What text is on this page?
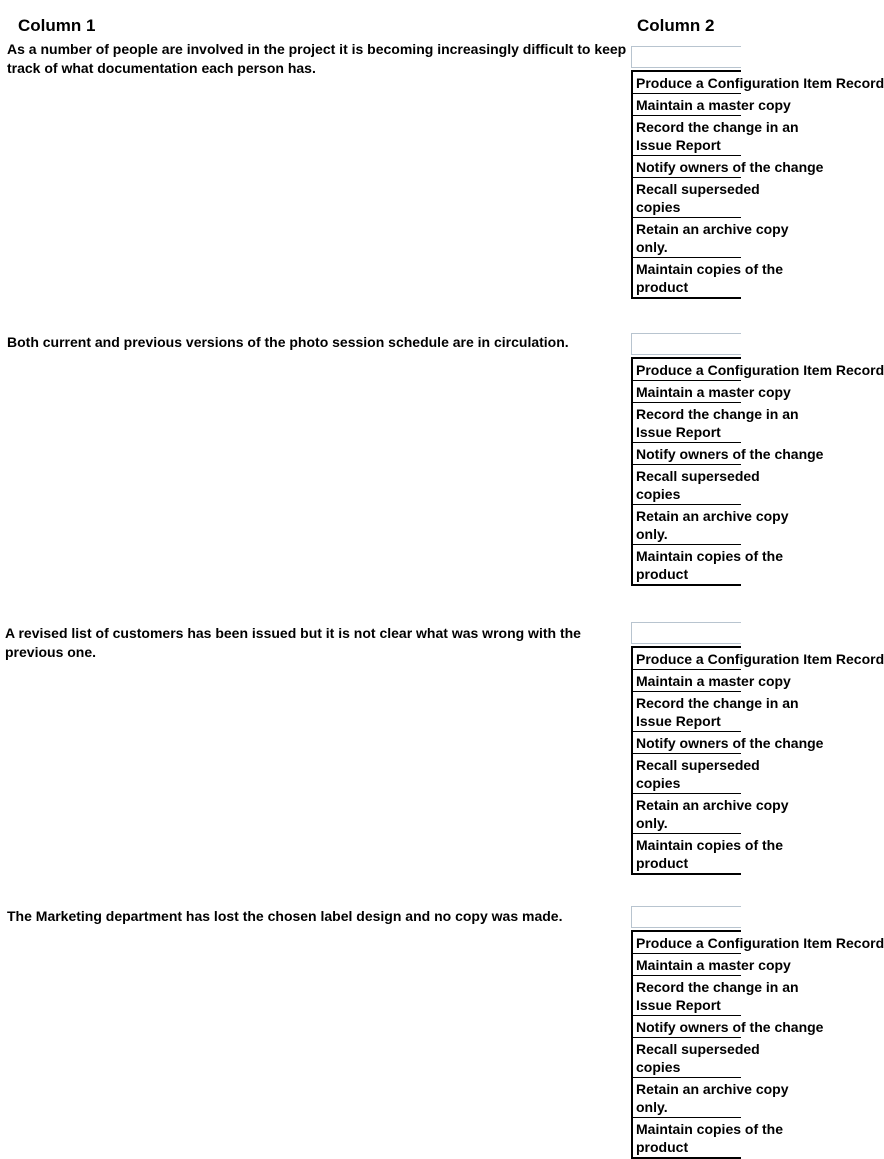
Column 1	Column 2
As a number of people are involved in the project it is becoming increasingly difficult to keep track of what documentation each person has.
Produce a Configuration Item Record
Maintain a master copy
Record the change in an
Issue Report
Notify owners of the change
Recall superseded
copies
Retain an archive copy
only.
Maintain copies of the
product
Both current and previous versions of the photo session schedule are in circulation.
Produce a Configuration Item Record
Maintain a master copy
Record the change in an
Issue Report
Notify owners of the change
Recall superseded
copies
Retain an archive copy
only.
Maintain copies of the
product
A revised list of customers has been issued but it is not clear what was wrong with the previous one.	Produce a Configuration Item Record
Maintain a master copy
Record the change in an
Issue Report
Notify owners of the change
Recall superseded
copies
Retain an archive copy
only.
Maintain copies of the
product
The Marketing department has lost the chosen label design and no copy was made.
Produce a Configuration Item Record
Maintain a master copy
Record the change in an
Issue Report
Notify owners of the change
Recall superseded
copies
Retain an archive copy
only.
Maintain copies of the
product
